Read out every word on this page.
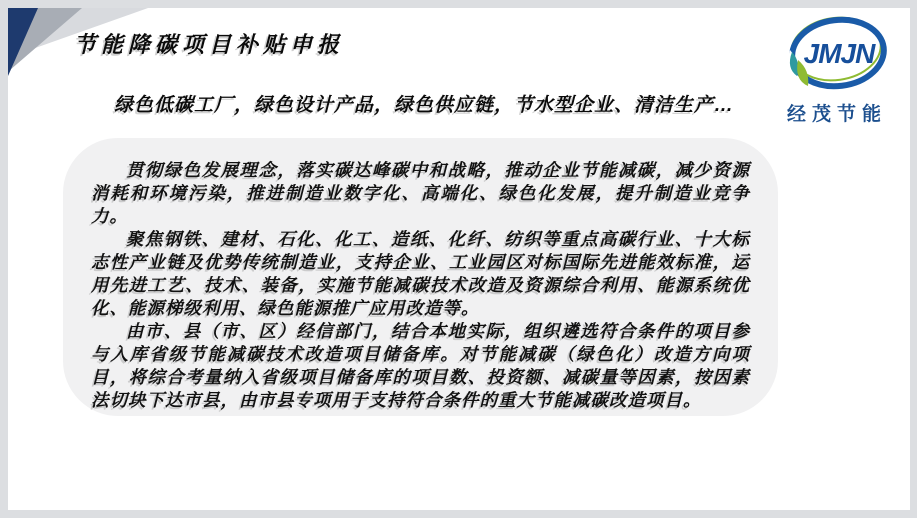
节能降碳项目补贴申报	JMJN
经茂节能
绿色低碳工厂，绿色设计产品，绿色供应链，节水型企业、清洁生产…

贯彻绿色发展理念，落实碳达峰碳中和战略，推动企业节能减碳，减少资源消耗和环境污染，推进制造业数字化、高端化、绿色化发展，提升制造业竞争力。

聚焦钢铁、建材、石化、化工、造纸、化纤、纺织等重点高碳行业、十大标志性产业链及优势传统制造业，支持企业、工业园区对标国际先进能效标准，运用先进工艺、技术、装备，实施节能减碳技术改造及资源综合利用、能源系统优化、能源梯级利用、绿色能源推广应用改造等。

由市、县（市、区）经信部门，结合本地实际，组织遴选符合条件的项目参与入库省级节能减碳技术改造项目储备库。对节能减碳（绿色化）改造方向项目，将综合考量纳入省级项目储备库的项目数、投资额、减碳量等因素，按因素法切块下达市县，由市县专项用于支持符合条件的重大节能减碳改造项目。
